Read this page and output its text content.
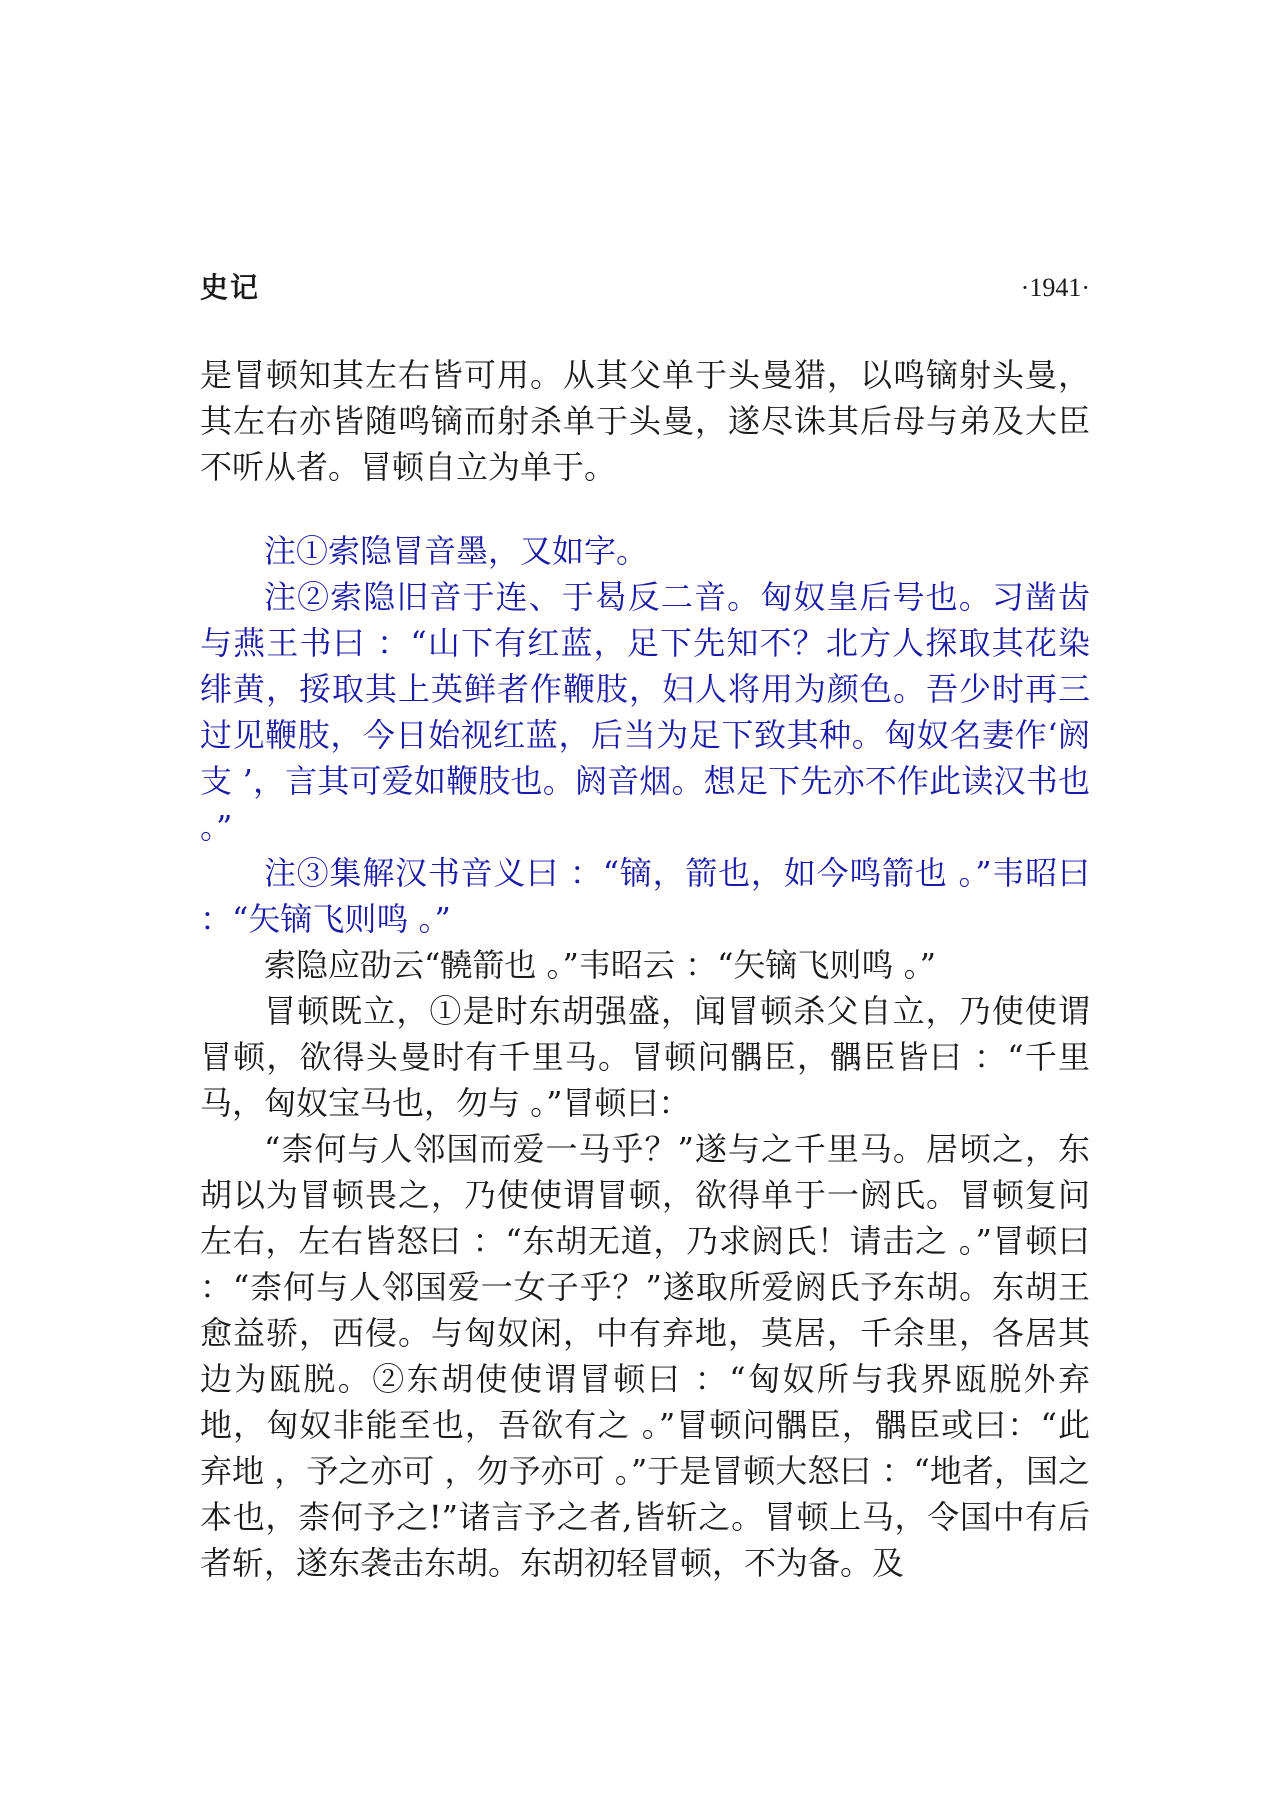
史记	·1941·

是冒顿知其左右皆可用。从其父单于头曼猎，以鸣镝射头曼，其左右亦皆随鸣镝而射杀单于头曼，遂尽诛其后母与弟及大臣不听从者。冒顿自立为单于。

注①索隐冒音墨，又如字。

注②索隐旧音于连、于曷反二音。匈奴皇后号也。习凿齿与燕王书曰 ：“山下有红蓝，足下先知不？北方人探取其花染绯黄，挼取其上英鲜者作鞭肢，妇人将用为颜色。吾少时再三过见鞭肢，今日始视红蓝，后当为足下致其种。匈奴名妻作‘阏支 ’，言其可爱如鞭肢也。阏音烟。想足下先亦不作此读汉书也 。”

注③集解汉书音义曰 ：“镝，箭也，如今鸣箭也 。”韦昭曰 ：“矢镝飞则鸣 。”

索隐应劭云“髐箭也 。”韦昭云 ：“矢镝飞则鸣 。”

冒顿既立，①是时东胡强盛，闻冒顿杀父自立，乃使使谓冒顿，欲得头曼时有千里马。冒顿问髃臣，髃臣皆曰 ：“千里马，匈奴宝马也，勿与 。”冒顿曰：

“柰何与人邻国而爱一马乎？”遂与之千里马。居顷之，东胡以为冒顿畏之，乃使使谓冒顿，欲得单于一阏氏。冒顿复问左右，左右皆怒曰 ：“东胡无道，乃求阏氏！请击之 。”冒顿曰 ：“柰何与人邻国爱一女子乎？”遂取所爱阏氏予东胡。东胡王愈益骄，西侵。与匈奴闲，中有弃地，莫居，千余里，各居其边为瓯脱。②东胡使使谓冒顿曰 ：“匈奴所与我界瓯脱外弃地，匈奴非能至也，吾欲有之 。”冒顿问髃臣，髃臣或曰：“此弃地 ，予之亦可 ，勿予亦可 。”于是冒顿大怒曰 ：“地者，国之本也，柰何予之!”诸言予之者,皆斩之。冒顿上马，令国中有后者斩，遂东袭击东胡。东胡初轻冒顿，不为备。及
